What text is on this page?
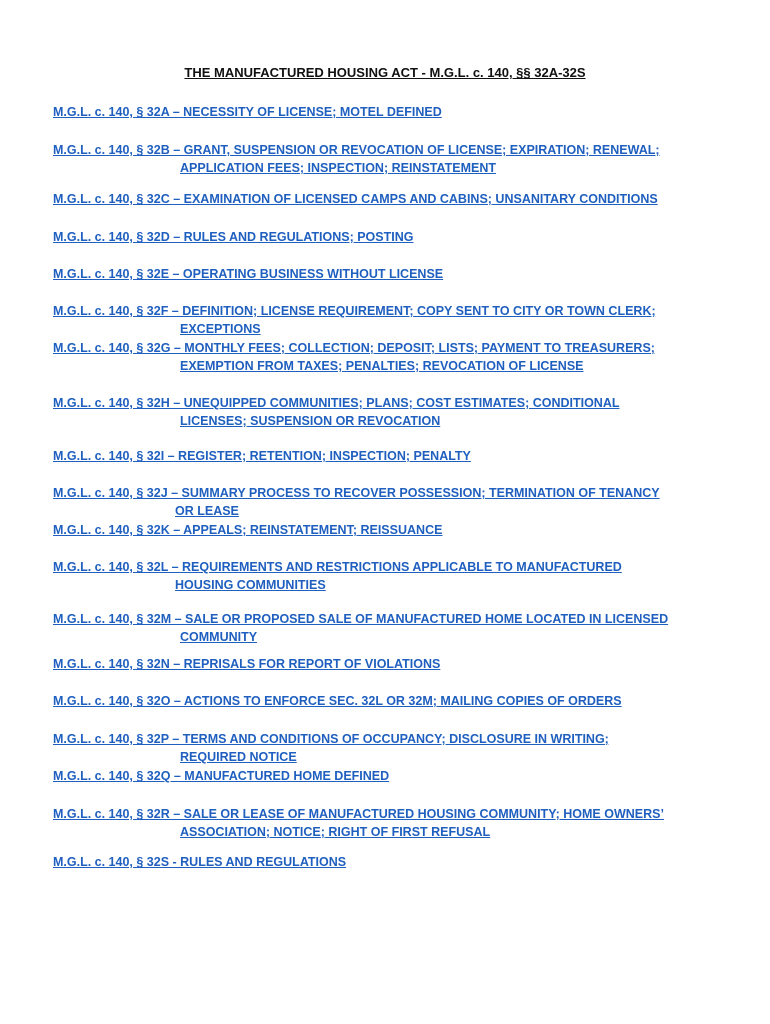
THE MANUFACTURED HOUSING ACT - M.G.L. c. 140, §§ 32A-32S
M.G.L. c. 140, § 32A – NECESSITY OF LICENSE; MOTEL DEFINED
M.G.L. c. 140, § 32B – GRANT, SUSPENSION OR REVOCATION OF LICENSE; EXPIRATION; RENEWAL;
APPLICATION FEES; INSPECTION; REINSTATEMENT
M.G.L. c. 140, § 32C – EXAMINATION OF LICENSED CAMPS AND CABINS; UNSANITARY CONDITIONS
M.G.L. c. 140, § 32D – RULES AND REGULATIONS; POSTING
M.G.L. c. 140, § 32E – OPERATING BUSINESS WITHOUT LICENSE
M.G.L. c. 140, § 32F – DEFINITION; LICENSE REQUIREMENT; COPY SENT TO CITY OR TOWN CLERK;
EXCEPTIONS
M.G.L. c. 140, § 32G – MONTHLY FEES; COLLECTION; DEPOSIT; LISTS; PAYMENT TO TREASURERS;
EXEMPTION FROM TAXES; PENALTIES; REVOCATION OF LICENSE
M.G.L. c. 140, § 32H – UNEQUIPPED COMMUNITIES; PLANS; COST ESTIMATES; CONDITIONAL
LICENSES; SUSPENSION OR REVOCATION
M.G.L. c. 140, § 32I – REGISTER; RETENTION; INSPECTION; PENALTY
M.G.L. c. 140, § 32J – SUMMARY PROCESS TO RECOVER POSSESSION; TERMINATION OF TENANCY
OR LEASE
M.G.L. c. 140, § 32K – APPEALS; REINSTATEMENT; REISSUANCE
M.G.L. c. 140, § 32L – REQUIREMENTS AND RESTRICTIONS APPLICABLE TO MANUFACTURED
HOUSING COMMUNITIES
M.G.L. c. 140, § 32M – SALE OR PROPOSED SALE OF MANUFACTURED HOME LOCATED IN LICENSED
COMMUNITY
M.G.L. c. 140, § 32N – REPRISALS FOR REPORT OF VIOLATIONS
M.G.L. c. 140, § 32O – ACTIONS TO ENFORCE SEC. 32L OR 32M; MAILING COPIES OF ORDERS
M.G.L. c. 140, § 32P – TERMS AND CONDITIONS OF OCCUPANCY; DISCLOSURE IN WRITING;
REQUIRED NOTICE
M.G.L. c. 140, § 32Q – MANUFACTURED HOME DEFINED
M.G.L. c. 140, § 32R – SALE OR LEASE OF MANUFACTURED HOUSING COMMUNITY; HOME OWNERS’
ASSOCIATION; NOTICE; RIGHT OF FIRST REFUSAL
M.G.L. c. 140, § 32S - RULES AND REGULATIONS
